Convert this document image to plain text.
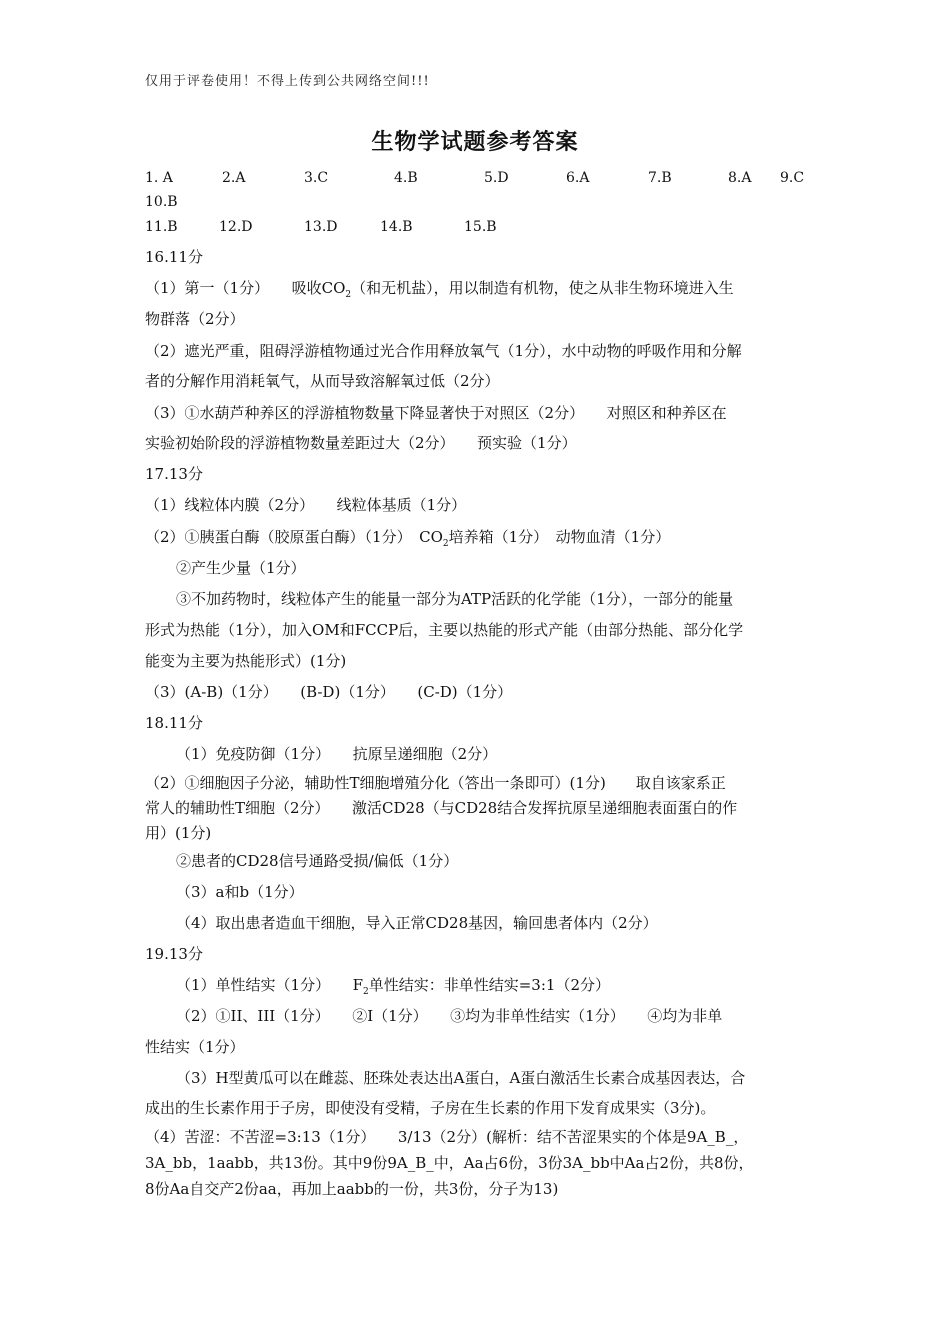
仅用于评卷使用！不得上传到公共网络空间!!!
生物学试题参考答案
1. A	2.A	3.C	4.B	5.D	6.A	7.B	8.A 9.C
10.B
11.B	12.D	13.D	14.B	15.B
16.11分
（1）第一（1分）　　吸收$CO_2$（和无机盐），用以制造有机物，使之从非生物环境进入生
物群落（2分）
（2）遮光严重，阻碍浮游植物通过光合作用释放氧气（1分），水中动物的呼吸作用和分解
者的分解作用消耗氧气，从而导致溶解氧过低（2分）
（3）①水葫芦种养区的浮游植物数量下降显著快于对照区（2分）　　对照区和种养区在
实验初始阶段的浮游植物数量差距过大（2分）　　预实验（1分）
17.13分
（1）线粒体内膜（2分）　　线粒体基质（1分）
（2）①胰蛋白酶（胶原蛋白酶）（1分）　$CO_2$培养箱（1分）　动物血清（1分）
②产生少量（1分）
③不加药物时，线粒体产生的能量一部分为ATP活跃的化学能（1分），一部分的能量
形式为热能（1分），加入OM和FCCP后，主要以热能的形式产能（由部分热能、部分化学
能变为主要为热能形式）(1分)
（3）(A-B)（1分）　　(B-D)（1分）　　(C-D)（1分）
18.11分
（1）免疫防御（1分）　　抗原呈递细胞（2分）
（2）①细胞因子分泌，辅助性T细胞增殖分化（答出一条即可）(1分)　　取自该家系正
常人的辅助性T细胞（2分）　　激活CD28（与CD28结合发挥抗原呈递细胞表面蛋白的作
用）(1分)
②患者的CD28信号通路受损/偏低（1分）
（3）a和b（1分）
（4）取出患者造血干细胞，导入正常CD28基因，输回患者体内（2分）
19.13分
（1）单性结实（1分）　　$F_2$单性结实：非单性结实=3:1（2分）
（2）①II、III（1分）　　②I（1分）　　③均为非单性结实（1分）　　④均为非单
性结实（1分）
（3）H型黄瓜可以在雌蕊、胚珠处表达出A蛋白，A蛋白激活生长素合成基因表达，合
成出的生长素作用于子房，即使没有受精，子房在生长素的作用下发育成果实（3分)。
（4）苦涩：不苦涩=3:13（1分）　　3/13（2分）(解析：结不苦涩果实的个体是9A_B_，
3A_bb，1aabb，共13份。其中9份9A_B_中，Aa占6份，3份3A_bb中Aa占2份，共8份，
8份Aa自交产2份aa，再加上aabb的一份，共3份，分子为13)
